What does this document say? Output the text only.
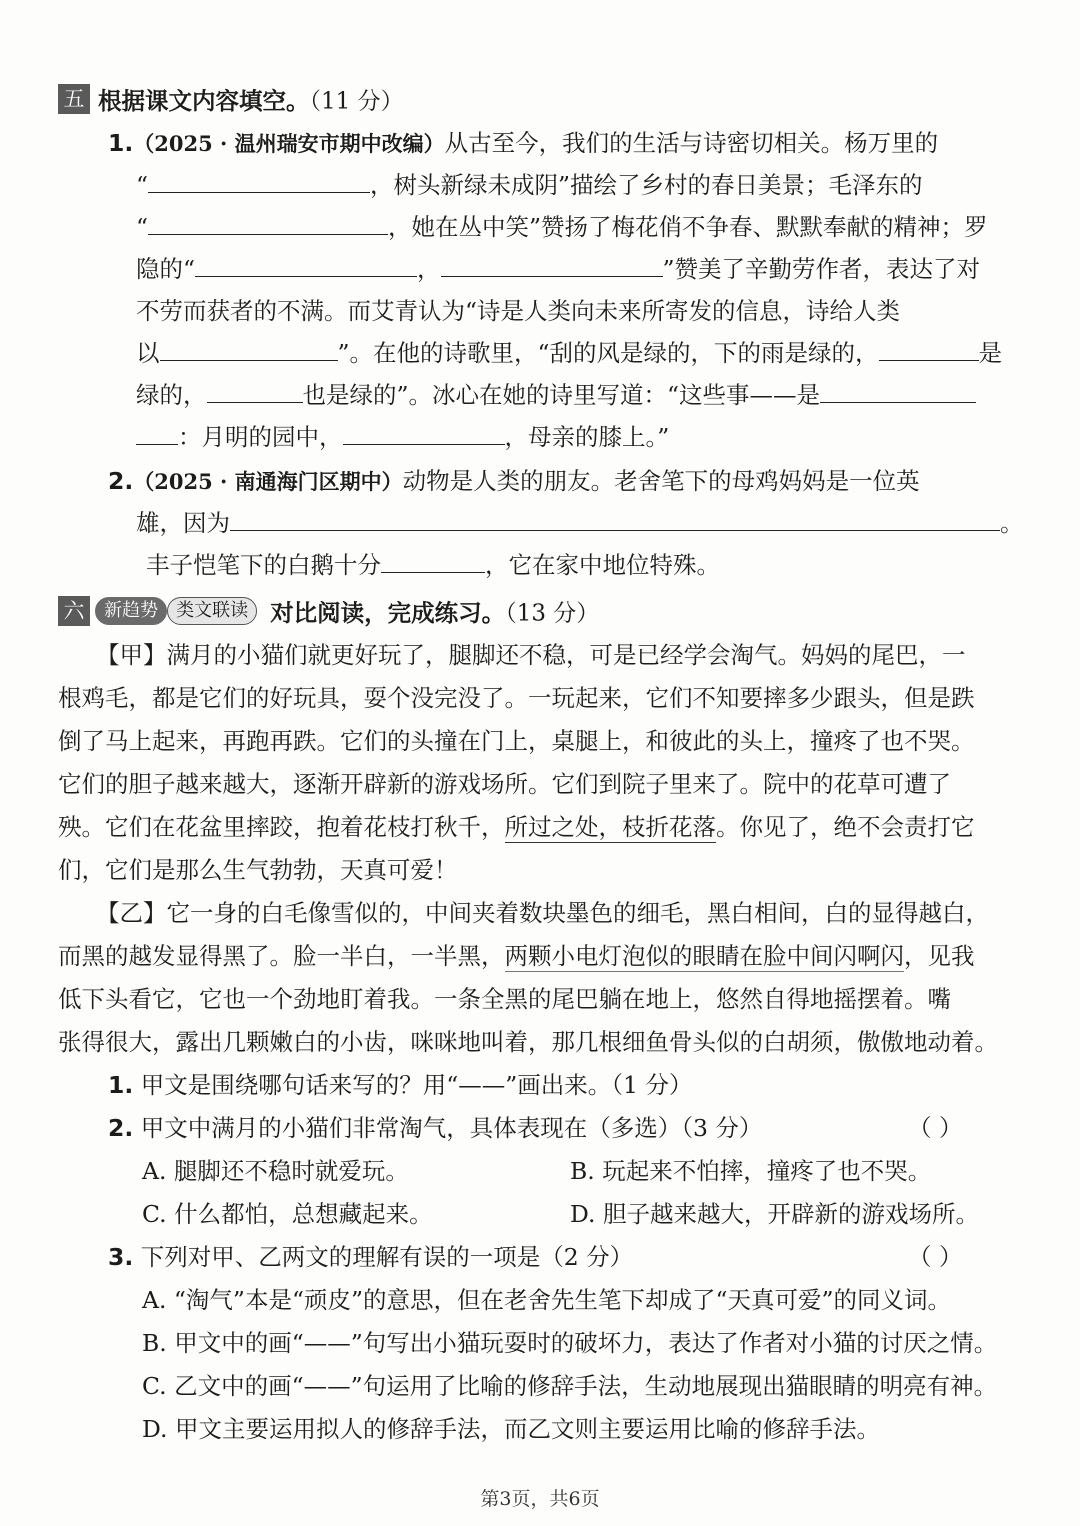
五 根据课文内容填空。（11 分）
1.（2025 · 温州瑞安市期中改编）从古至今，我们的生活与诗密切相关。杨万里的
“	，树头新绿未成阴”描绘了乡村的春日美景；毛泽东的
“	，她在丛中笑”赞扬了梅花俏不争春、默默奉献的精神；罗
隐的“	，	”赞美了辛勤劳作者，表达了对
不劳而获者的不满。而艾青认为“诗是人类向未来所寄发的信息，诗给人类
以	”。在他的诗歌里，“刮的风是绿的，下的雨是绿的，	是
绿的，	也是绿的”。冰心在她的诗里写道：“这些事——是
：月明的园中，	，母亲的膝上。”
2.（2025 · 南通海门区期中）动物是人类的朋友。老舍笔下的母鸡妈妈是一位英
雄，因为	。
丰子恺笔下的白鹅十分	，它在家中地位特殊。
六 新趋势 类文联读 对比阅读，完成练习。（13 分）
【甲】满月的小猫们就更好玩了，腿脚还不稳，可是已经学会淘气。妈妈的尾巴，一
根鸡毛，都是它们的好玩具，耍个没完没了。一玩起来，它们不知要摔多少跟头，但是跌
倒了马上起来，再跑再跌。它们的头撞在门上，桌腿上，和彼此的头上，撞疼了也不哭。
它们的胆子越来越大，逐渐开辟新的游戏场所。它们到院子里来了。院中的花草可遭了
殃。它们在花盆里摔跤，抱着花枝打秋千，所过之处，枝折花落。你见了，绝不会责打它
们，它们是那么生气勃勃，天真可爱！
【乙】它一身的白毛像雪似的，中间夹着数块墨色的细毛，黑白相间，白的显得越白，
而黑的越发显得黑了。脸一半白，一半黑，两颗小电灯泡似的眼睛在脸中间闪啊闪，见我
低下头看它，它也一个劲地盯着我。一条全黑的尾巴躺在地上，悠然自得地摇摆着。嘴
张得很大，露出几颗嫩白的小齿，咪咪地叫着，那几根细鱼骨头似的白胡须，傲傲地动着。
1. 甲文是围绕哪句话来写的？用“——”画出来。（1 分）
2. 甲文中满月的小猫们非常淘气，具体表现在（多选）（3 分）	（ ）
A. 腿脚还不稳时就爱玩。	B. 玩起来不怕摔，撞疼了也不哭。
C. 什么都怕，总想藏起来。	D. 胆子越来越大，开辟新的游戏场所。
3. 下列对甲、乙两文的理解有误的一项是（2 分）	（ ）
A. “淘气”本是“顽皮”的意思，但在老舍先生笔下却成了“天真可爱”的同义词。
B. 甲文中的画“——”句写出小猫玩耍时的破坏力，表达了作者对小猫的讨厌之情。
C. 乙文中的画“——”句运用了比喻的修辞手法，生动地展现出猫眼睛的明亮有神。
D. 甲文主要运用拟人的修辞手法，而乙文则主要运用比喻的修辞手法。
第3页，共6页
